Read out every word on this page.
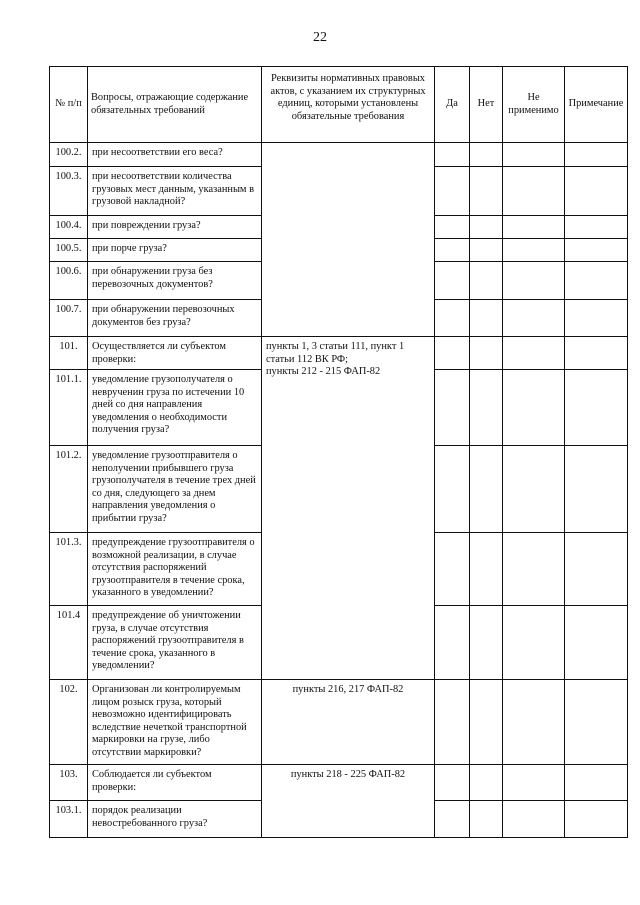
22
№ п/п	Вопросы, отражающие содержание обязательных требований	Реквизиты нормативных правовых актов, с указанием их структурных единиц, которыми установлены обязательные требования	Да	Нет	Не применимо	Примечание
100.2.	при несоответствии его веса?					
100.3.	при несоответствии количества грузовых мест данным, указанным в грузовой накладной?					
100.4.	при повреждении груза?					
100.5.	при порче груза?					
100.6.	при обнаружении груза без перевозочных документов?					
100.7.	при обнаружении перевозочных документов без груза?					
101.	Осуществляется ли субъектом проверки:	пункты 1, 3 статьи 111, пункт 1 статьи 112 ВК РФ;
пункты 212 - 215 ФАП-82				

101.1.	уведомление грузополучателя о неврученин груза по истечении 10 дней со дня направления уведомления о необходимости получения груза?					
101.2.	уведомление грузоотправителя о неполучении прибывшего груза грузополучателя в течение трех дней со дня, следующего за днем направления уведомления о прибытии груза?					
101.3.	предупреждение грузоотправителя о возможной реализации, в случае отсутствия распоряжений грузоотправителя в течение срока, указанного в уведомлении?					
101.4	предупреждение об уничтожении груза, в случае отсутствия распоряжений грузоотправителя в течение срока, указанного в уведомлении?					
102.	Организован ли контролируемым лицом розыск груза, который невозможно идентифицировать вследствие нечеткой транспортной маркировки на грузе, либо отсутствии маркировки?	пункты 216, 217 ФАП-82				
103.	Соблюдается ли субъектом проверки:	пункты 218 - 225 ФАП-82				
103.1.	порядок реализации невостребованного груза?					
